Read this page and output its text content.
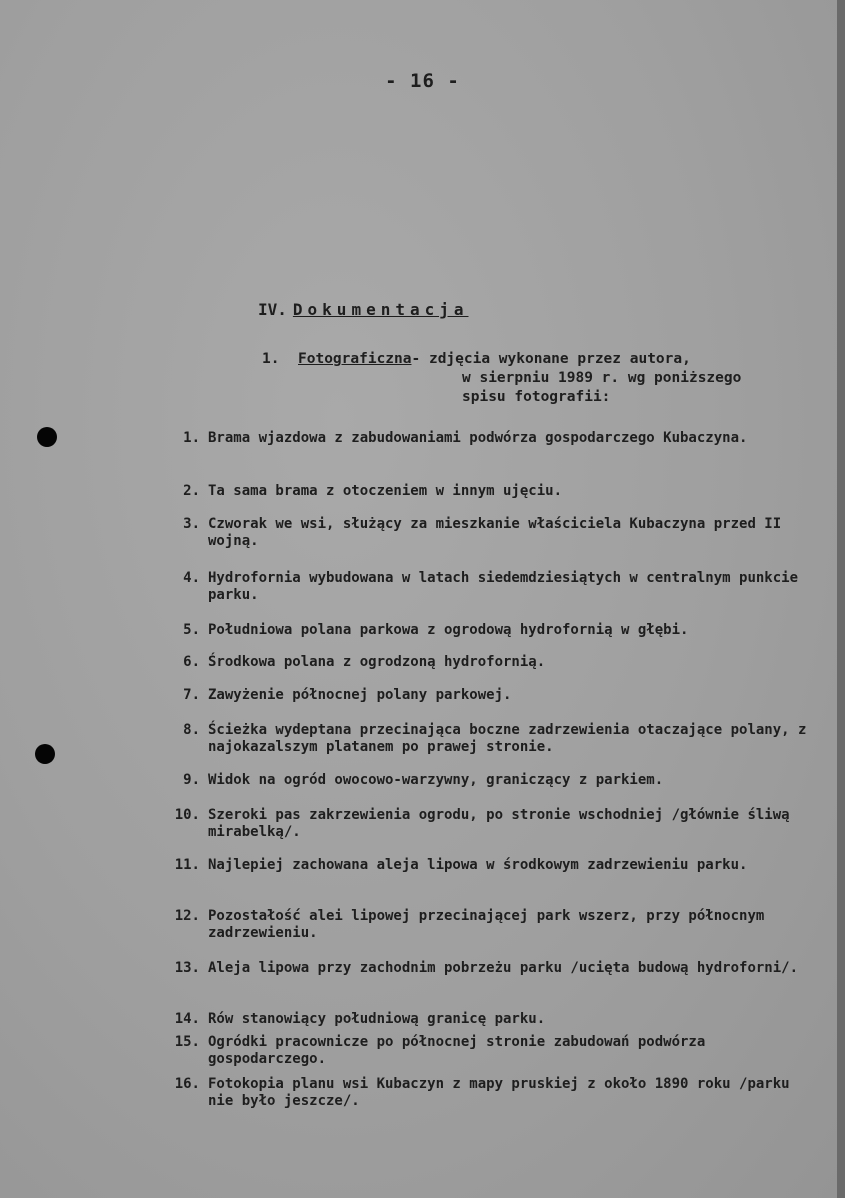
- 16 -
IV. Dokumentacja
1.	Fotograficzna - zdjęcia wykonane przez autora,
w sierpniu 1989 r. wg poniższego
spisu fotografii:
1. Brama wjazdowa z zabudowaniami podwórza gospodarczego Kubaczyna.
2. Ta sama brama z otoczeniem w innym ujęciu.
3. Czworak we wsi, służący za mieszkanie właściciela Kubaczyna przed II wojną.
4. Hydrofornia wybudowana w latach siedemdziesiątych w centralnym punkcie parku.
5. Południowa polana parkowa z ogrodową hydrofornią w głębi.
6. Środkowa polana z ogrodzoną hydrofornią.
7. Zawyżenie północnej polany parkowej.
8. Ścieżka wydeptana przecinająca boczne zadrzewienia otaczające polany, z najokazalszym platanem po prawej stronie.
9. Widok na ogród owocowo-warzywny, graniczący z parkiem.
10. Szeroki pas zakrzewienia ogrodu, po stronie wschodniej /głównie śliwą mirabelką/.
11. Najlepiej zachowana aleja lipowa w środkowym zadrzewieniu parku.
12. Pozostałość alei lipowej przecinającej park wszerz, przy północnym zadrzewieniu.
13. Aleja lipowa przy zachodnim pobrzeżu parku /ucięta budową hydroforni/.
14. Rów stanowiący południową granicę parku.
15. Ogródki pracownicze po północnej stronie zabudowań podwórza gospodarczego.
16. Fotokopia planu wsi Kubaczyn z mapy pruskiej z około 1890 roku /parku nie było jeszcze/.
